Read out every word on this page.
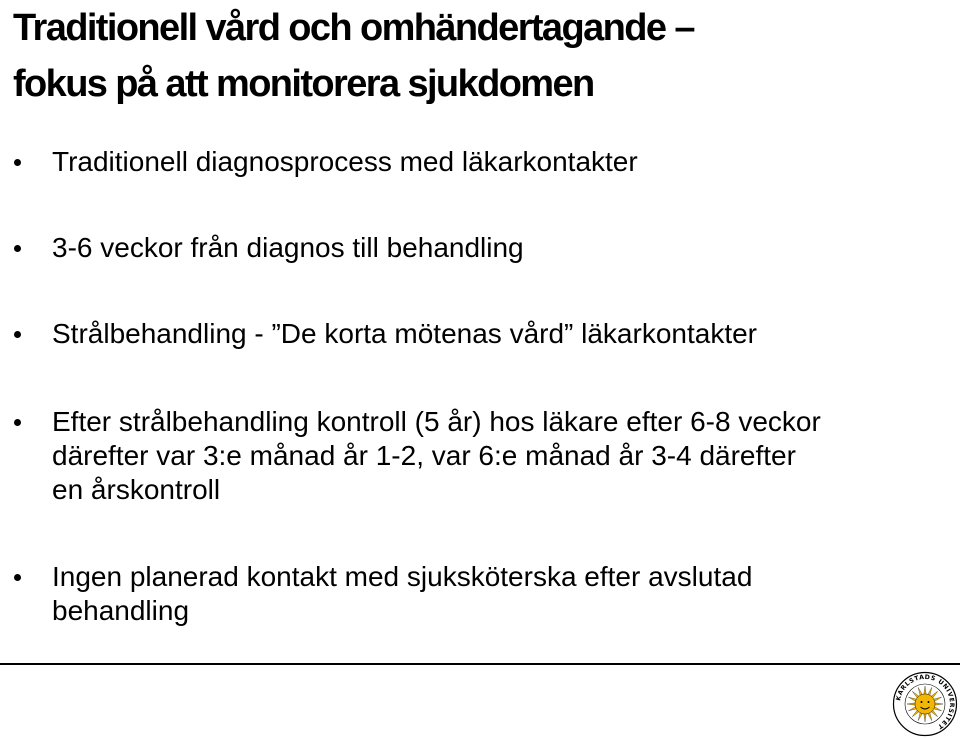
Traditionell vård och omhändertagande –
fokus på att monitorera sjukdomen
Traditionell diagnosprocess med läkarkontakter
3-6 veckor från diagnos till behandling
Strålbehandling - ”De korta mötenas vård” läkarkontakter
Efter strålbehandling kontroll (5 år) hos läkare efter 6-8 veckor
därefter var 3:e månad år 1-2, var 6:e månad år 3-4 därefter
en årskontroll
Ingen planerad kontakt med sjuksköterska efter avslutad
behandling
KARLSTADS UNIVERSITET
